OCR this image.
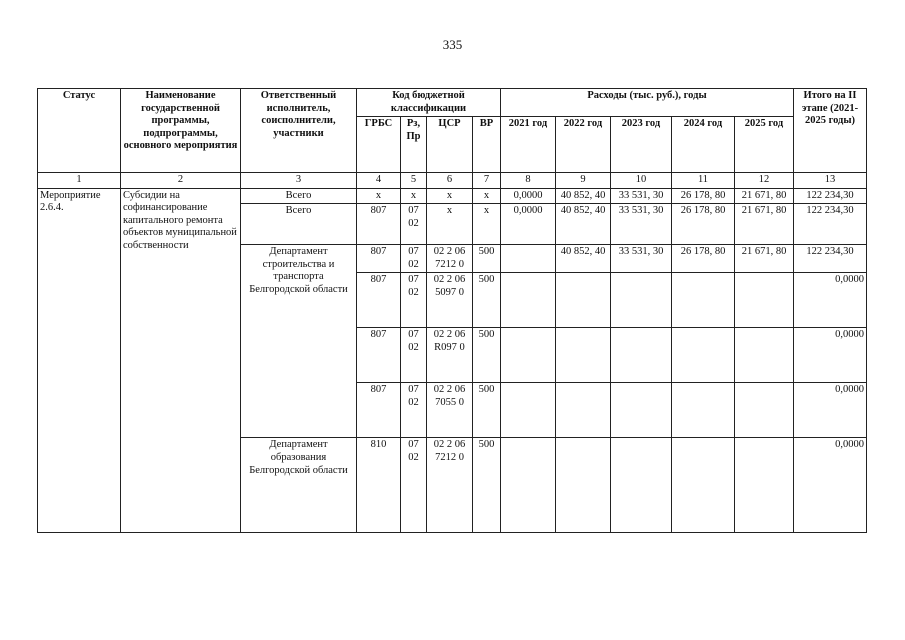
335
Статус	Наименование государственной программы, подпрограммы, основного мероприятия	Ответственный исполнитель, соисполнители, участники	Код бюджетной классификации				Расходы (тыс. руб.), годы					Итого на II этапе (2021-2025 годы)
			ГРБС	Рз, Пр	ЦСР	ВР	2021 год	2022 год	2023 год	2024 год	2025 год	
1	2	3	4	5	6	7	8	9	10	11	12	13
Мероприятие 2.6.4.	Субсидии на софинансирование капитального ремонта объектов муниципальной собственности	Всего	х	х	х	х	0,0000	40 852, 40	33 531, 30	26 178, 80	21 671, 80	122 234,30
		Всего	807	07 02	х	х	0,0000	40 852, 40	33 531, 30	26 178, 80	21 671, 80	122 234,30
		Департамент строительства и транспорта Белгородской области	807	07 02	02 2 06 7212 0	500		40 852, 40	33 531, 30	26 178, 80	21 671, 80	122 234,30
			807	07 02	02 2 06 5097 0	500						0,0000
			807	07 02	02 2 06 R097 0	500						0,0000
			807	07 02	02 2 06 7055 0	500						0,0000
		Департамент образования Белгородской области	810	07 02	02 2 06 7212 0	500						0,0000
